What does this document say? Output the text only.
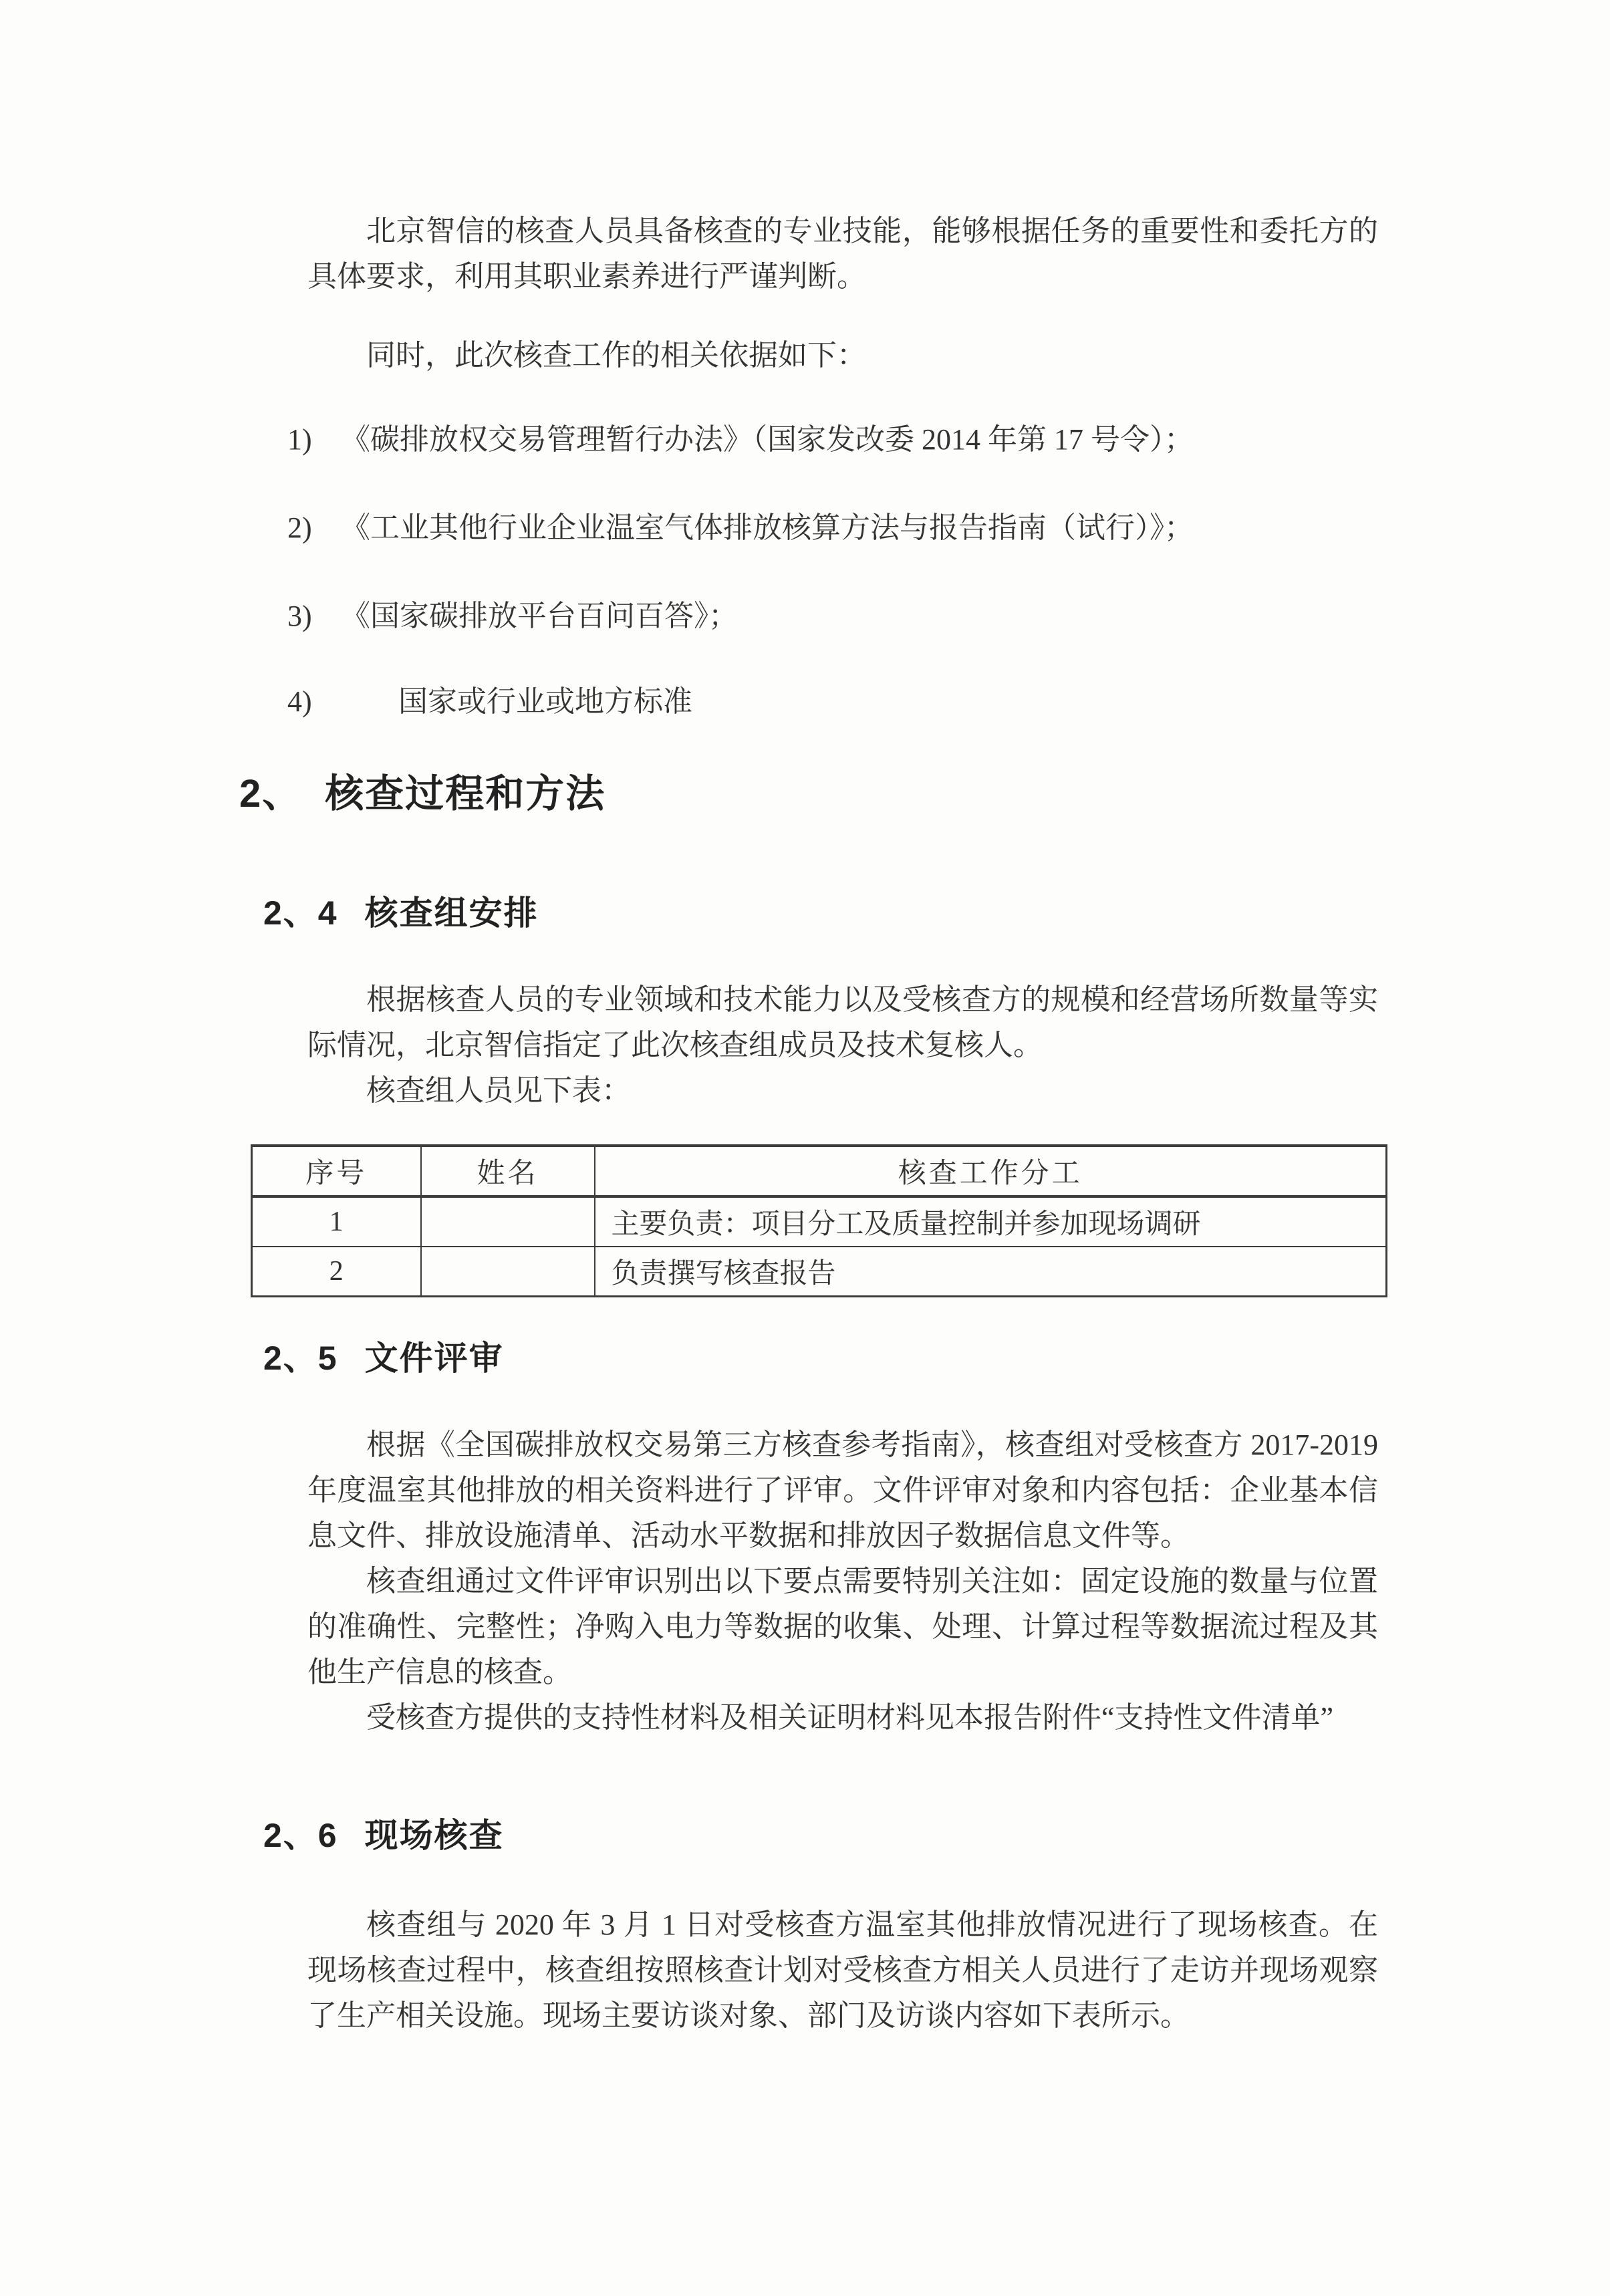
北京智信的核查人员具备核查的专业技能，能够根据任务的重要性和委托方的具体要求，利用其职业素养进行严谨判断。

同时，此次核查工作的相关依据如下：

1) 《碳排放权交易管理暂行办法》（国家发改委 2014 年第 17 号令）；
2) 《工业其他行业企业温室气体排放核算方法与报告指南（试行）》；
3) 《国家碳排放平台百问百答》；
4)	国家或行业或地方标准
2、 核查过程和方法
2、4 核查组安排

根据核查人员的专业领域和技术能力以及受核查方的规模和经营场所数量等实际情况，北京智信指定了此次核查组成员及技术复核人。

核查组人员见下表：

序号	姓名	核查工作分工
1		主要负责：项目分工及质量控制并参加现场调研
2		负责撰写核查报告
2、5 文件评审

根据《全国碳排放权交易第三方核查参考指南》，核查组对受核查方 2017-2019 年度温室其他排放的相关资料进行了评审。文件评审对象和内容包括：企业基本信息文件、排放设施清单、活动水平数据和排放因子数据信息文件等。

核查组通过文件评审识别出以下要点需要特别关注如：固定设施的数量与位置的准确性、完整性；净购入电力等数据的收集、处理、计算过程等数据流过程及其他生产信息的核查。

受核查方提供的支持性材料及相关证明材料见本报告附件“支持性文件清单”

2、6 现场核查

核查组与 2020 年 3 月 1 日对受核查方温室其他排放情况进行了现场核查。在现场核查过程中，核查组按照核查计划对受核查方相关人员进行了走访并现场观察了生产相关设施。现场主要访谈对象、部门及访谈内容如下表所示。
